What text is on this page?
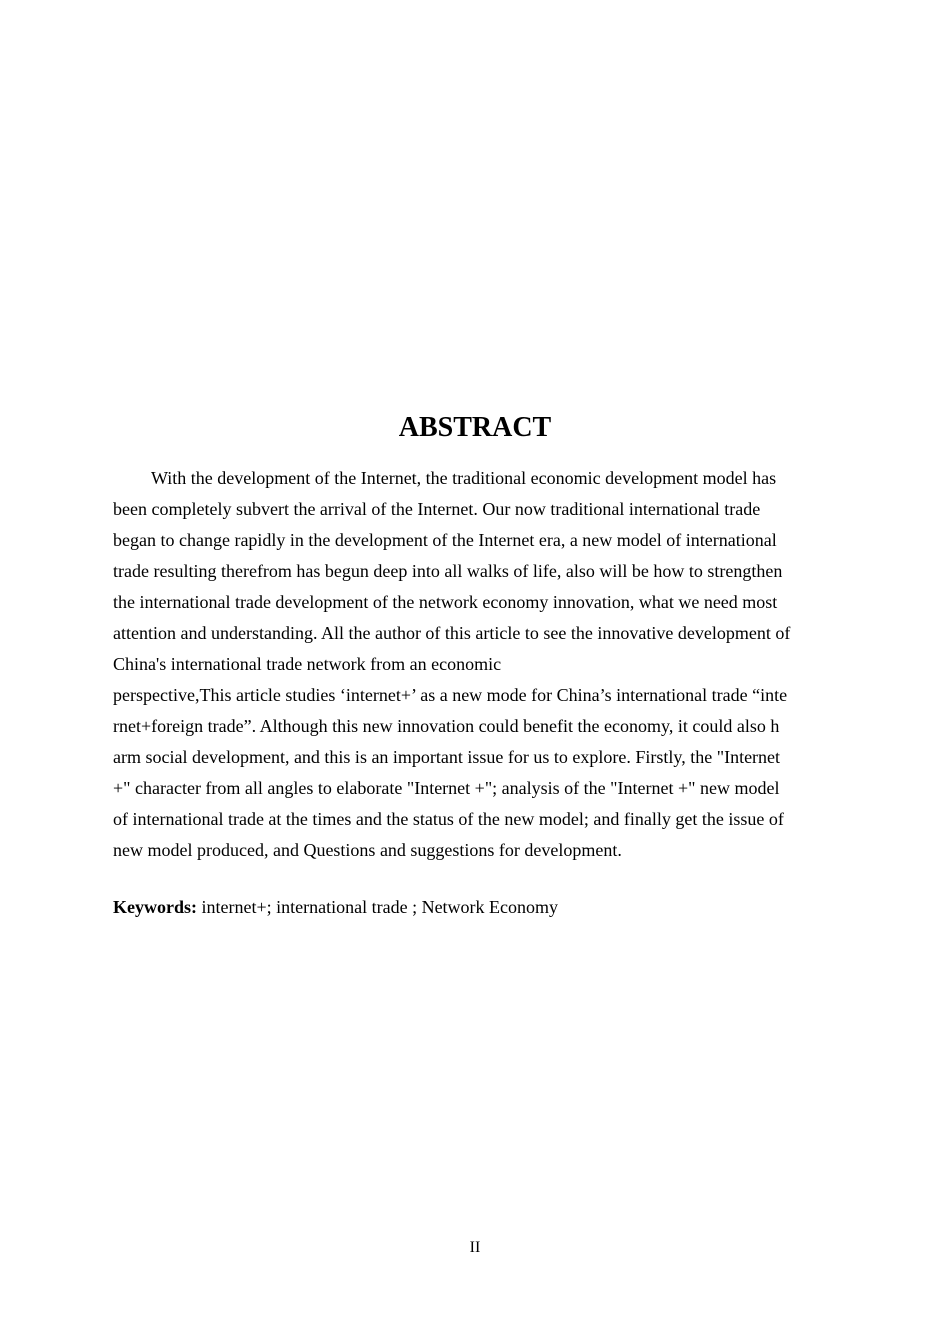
ABSTRACT
With the development of the Internet, the traditional economic development model has
been completely subvert the arrival of the Internet. Our now traditional international trade
began to change rapidly in the development of the Internet era, a new model of international
trade resulting therefrom has begun deep into all walks of life, also will be how to strengthen
the international trade development of the network economy innovation, what we need most
attention and understanding. All the author of this article to see the innovative development of
China's international trade network from an economic
perspective,This article studies ‘internet+’ as a new mode for China’s international trade “inte
rnet+foreign trade”. Although this new innovation could benefit the economy, it could also h
arm social development, and this is an important issue for us to explore. Firstly, the "Internet
+" character from all angles to elaborate "Internet +"; analysis of the "Internet +" new model
of international trade at the times and the status of the new model; and finally get the issue of
new model produced, and Questions and suggestions for development.

Keywords: internet+; international trade ; Network Economy

II
